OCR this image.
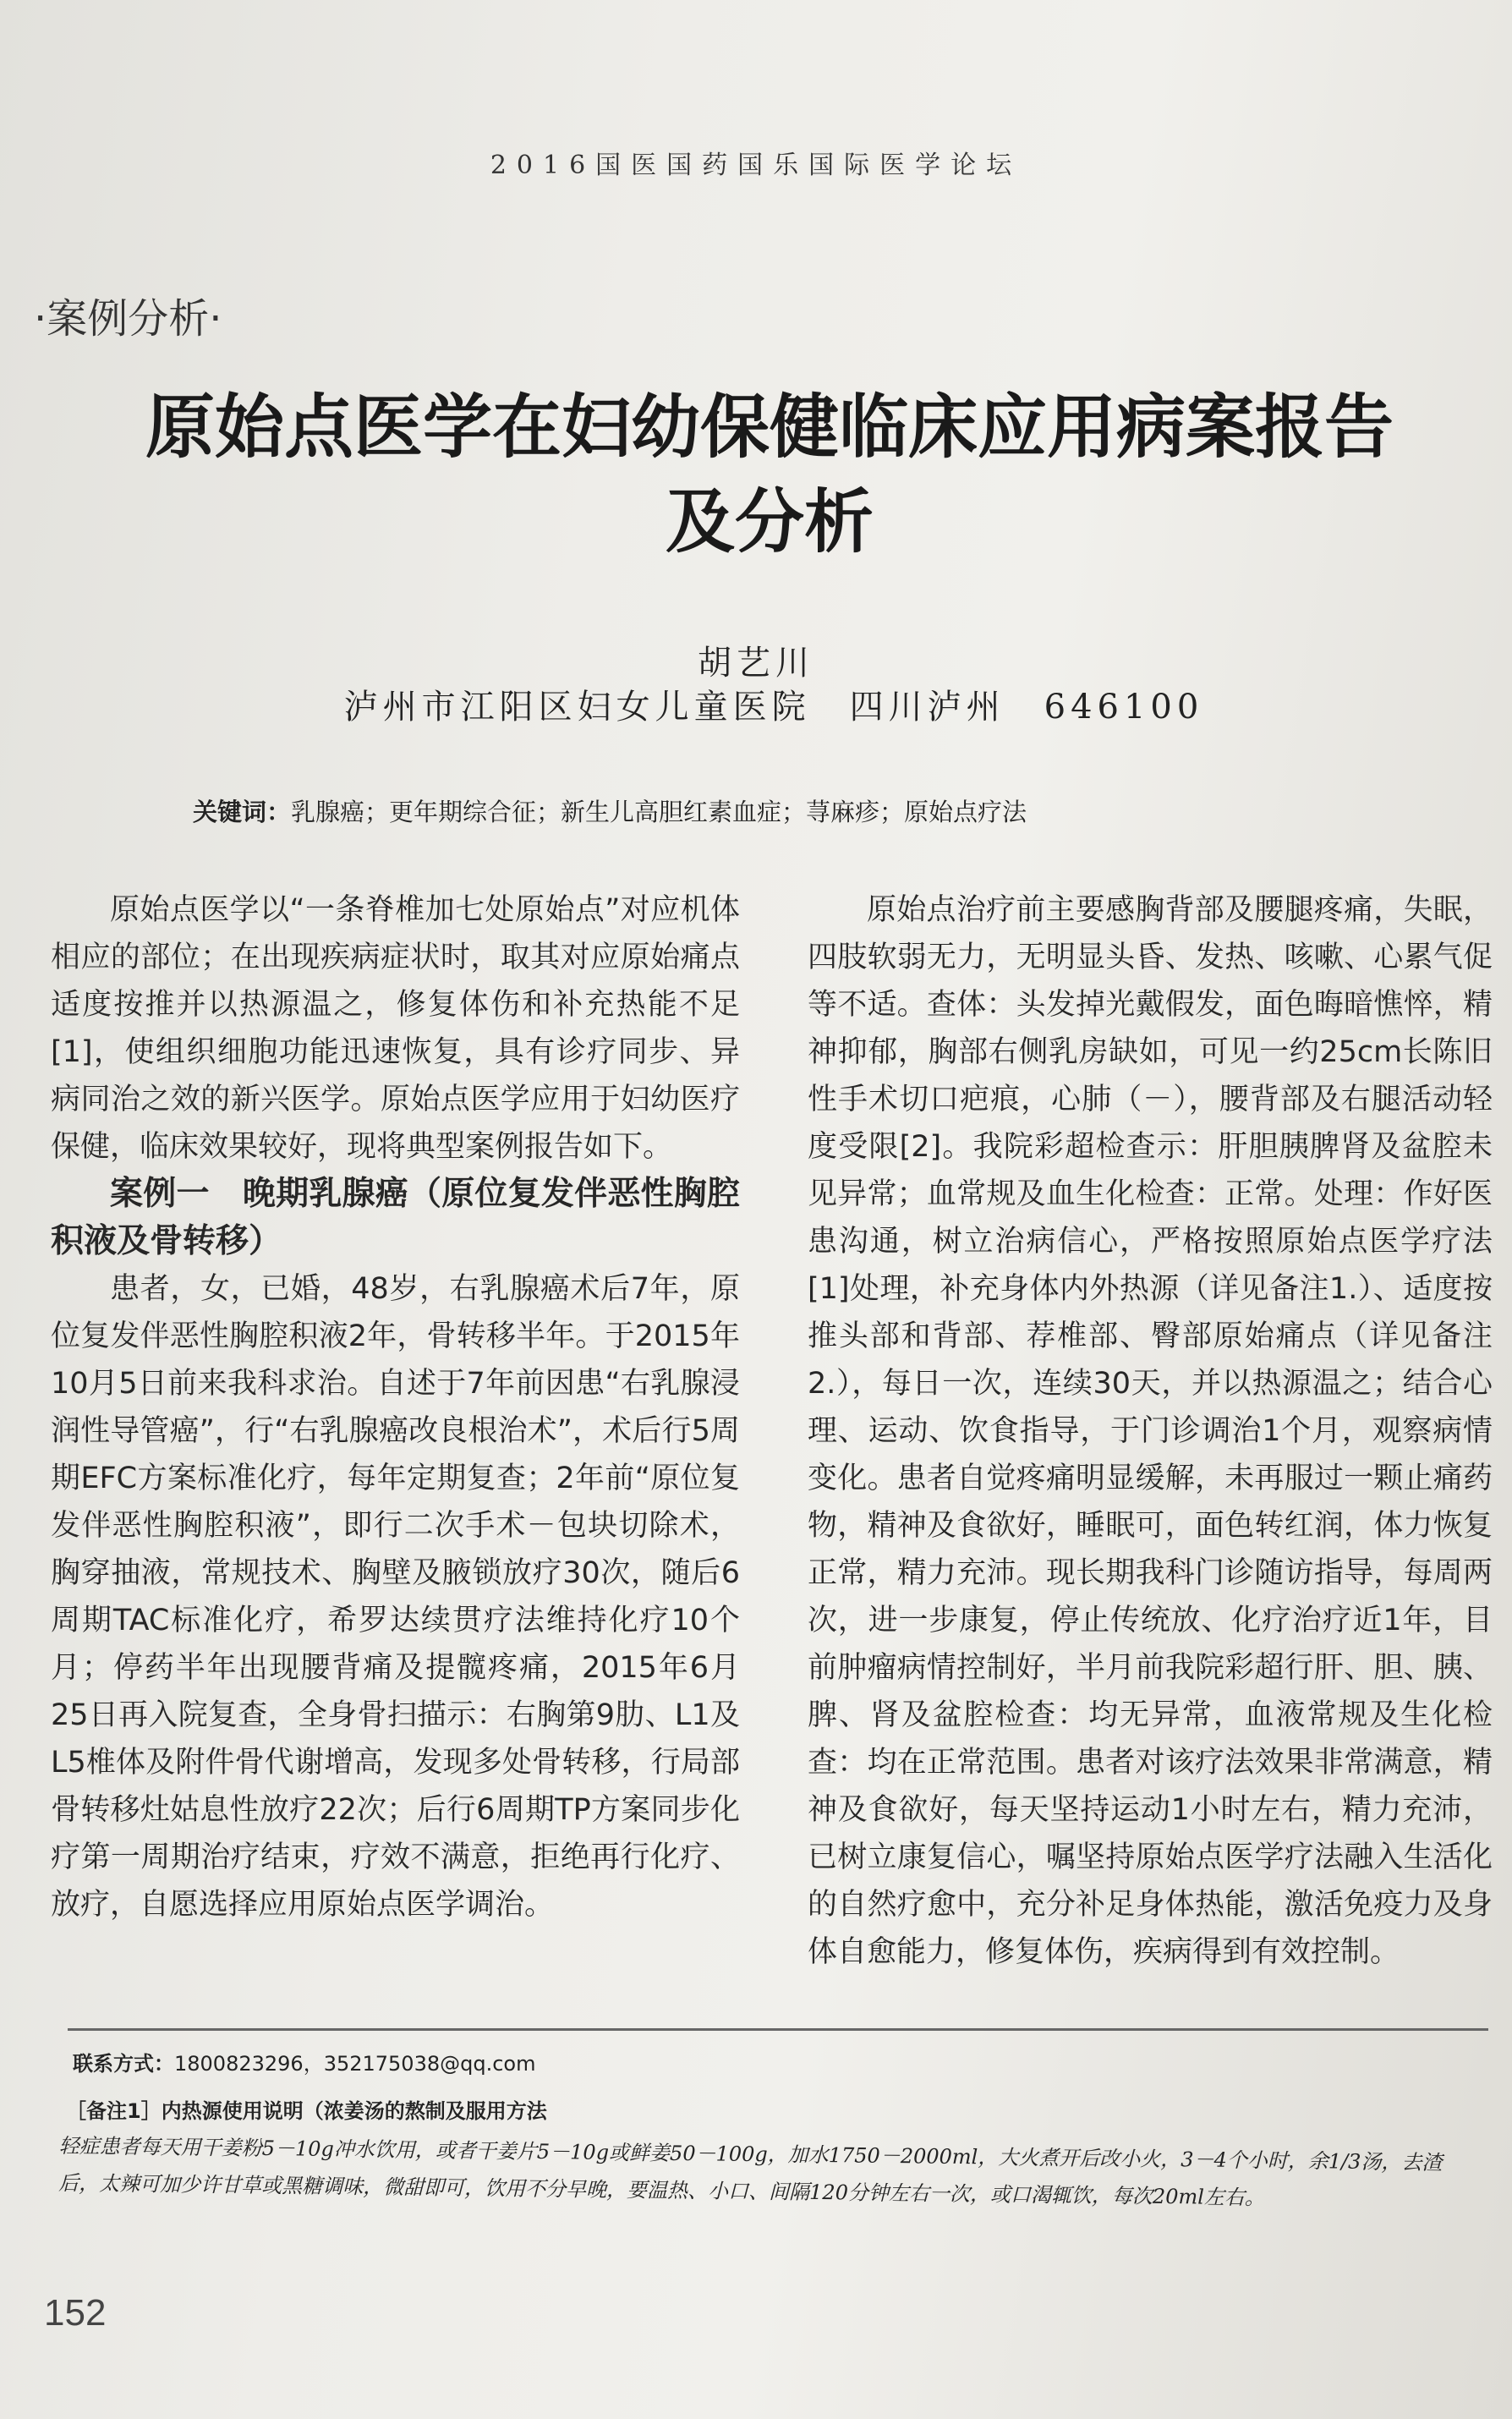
2016国医国药国乐国际医学论坛
·案例分析·
原始点医学在妇幼保健临床应用病案报告
及分析
胡艺川
泸州市江阳区妇女儿童医院　四川泸州　646100
关键词：乳腺癌；更年期综合征；新生儿高胆红素血症；荨麻疹；原始点疗法

原始点医学以“一条脊椎加七处原始点”对应机体相应的部位；在出现疾病症状时，取其对应原始痛点适度按推并以热源温之，修复体伤和补充热能不足[1]，使组织细胞功能迅速恢复，具有诊疗同步、异病同治之效的新兴医学。原始点医学应用于妇幼医疗保健，临床效果较好，现将典型案例报告如下。

案例一　晚期乳腺癌（原位复发伴恶性胸腔积液及骨转移）

患者，女，已婚，48岁，右乳腺癌术后7年，原位复发伴恶性胸腔积液2年，骨转移半年。于2015年10月5日前来我科求治。自述于7年前因患“右乳腺浸润性导管癌”，行“右乳腺癌改良根治术”，术后行5周期EFC方案标准化疗，每年定期复查；2年前“原位复发伴恶性胸腔积液”，即行二次手术－包块切除术，胸穿抽液，常规技术、胸壁及腋锁放疗30次，随后6周期TAC标准化疗，希罗达续贯疗法维持化疗10个月；停药半年出现腰背痛及提髋疼痛，2015年6月25日再入院复查，全身骨扫描示：右胸第9肋、L1及L5椎体及附件骨代谢增高，发现多处骨转移，行局部骨转移灶姑息性放疗22次；后行6周期TP方案同步化疗第一周期治疗结束，疗效不满意，拒绝再行化疗、放疗，自愿选择应用原始点医学调治。

原始点治疗前主要感胸背部及腰腿疼痛，失眠，四肢软弱无力，无明显头昏、发热、咳嗽、心累气促等不适。查体：头发掉光戴假发，面色晦暗憔悴，精神抑郁，胸部右侧乳房缺如，可见一约25cm长陈旧性手术切口疤痕，心肺（－），腰背部及右腿活动轻度受限[2]。我院彩超检查示：肝胆胰脾肾及盆腔未见异常；血常规及血生化检查：正常。处理：作好医患沟通，树立治病信心，严格按照原始点医学疗法[1]处理，补充身体内外热源（详见备注1.）、适度按推头部和背部、荐椎部、臀部原始痛点（详见备注2.），每日一次，连续30天，并以热源温之；结合心理、运动、饮食指导，于门诊调治1个月，观察病情变化。患者自觉疼痛明显缓解，未再服过一颗止痛药物，精神及食欲好，睡眠可，面色转红润，体力恢复正常，精力充沛。现长期我科门诊随访指导，每周两次，进一步康复，停止传统放、化疗治疗近1年，目前肿瘤病情控制好，半月前我院彩超行肝、胆、胰、脾、肾及盆腔检查：均无异常，血液常规及生化检查：均在正常范围。患者对该疗法效果非常满意，精神及食欲好，每天坚持运动1小时左右，精力充沛，已树立康复信心，嘱坚持原始点医学疗法融入生活化的自然疗愈中，充分补足身体热能，激活免疫力及身体自愈能力，修复体伤，疾病得到有效控制。

联系方式：1800823296，352175038@qq.com
［备注1］内热源使用说明（浓姜汤的熬制及服用方法
轻症患者每天用干姜粉5－10g冲水饮用，或者干姜片5－10g或鲜姜50－100g，加水1750－2000ml，大火煮开后改小火，3－4个小时，余1/3汤，去渣后，太辣可加少许甘草或黑糖调味，微甜即可，饮用不分早晚，要温热、小口、间隔120分钟左右一次，或口渴辄饮，每次20ml左右。
152
